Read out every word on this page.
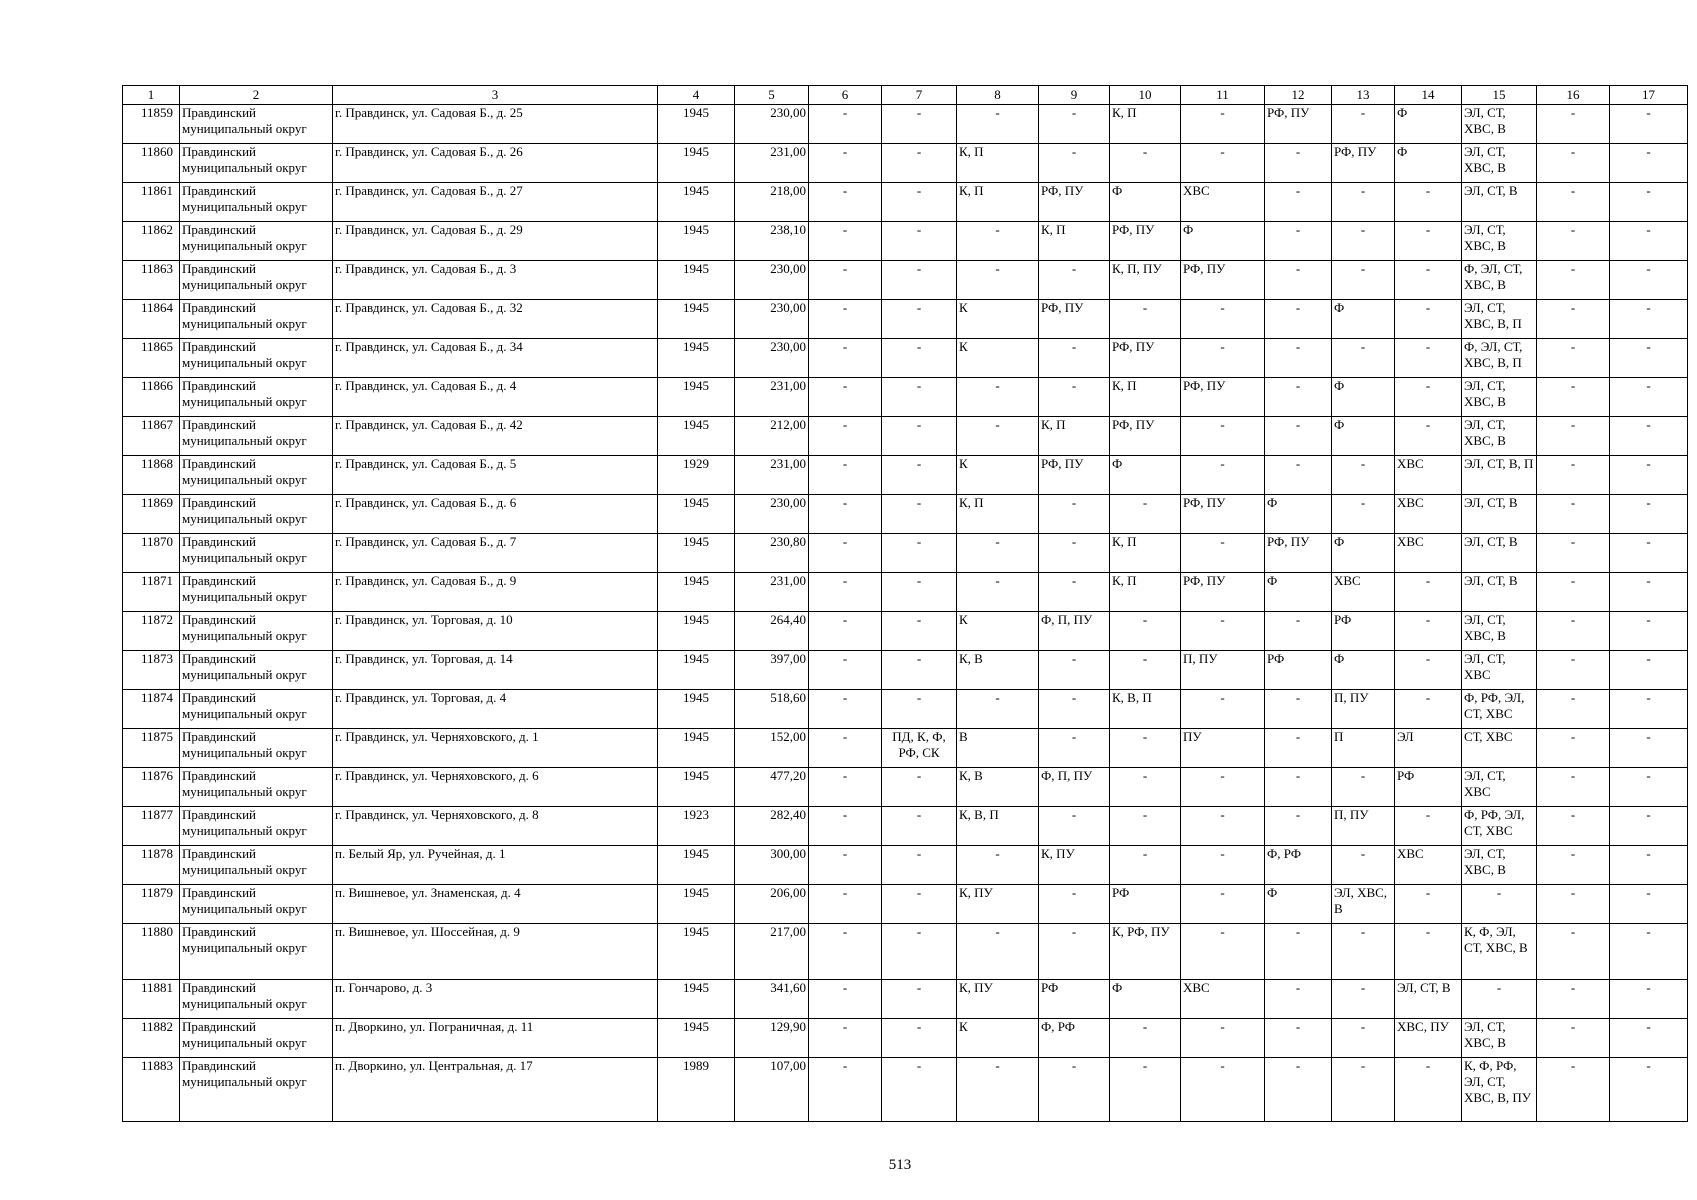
1	2	3	4	5	6	7	8	9	10	11	12	13	14	15	16	17
11859	Правдинский муниципальный округ	г. Правдинск, ул. Садовая Б., д. 25	1945	230,00	-	-	-	-	К, П	-	РФ, ПУ	-	Ф	ЭЛ, СТ, ХВС, В	-	-
11860	Правдинский муниципальный округ	г. Правдинск, ул. Садовая Б., д. 26	1945	231,00	-	-	К, П	-	-	-	-	РФ, ПУ	Ф	ЭЛ, СТ, ХВС, В	-	-
11861	Правдинский муниципальный округ	г. Правдинск, ул. Садовая Б., д. 27	1945	218,00	-	-	К, П	РФ, ПУ	Ф	ХВС	-	-	-	ЭЛ, СТ, В	-	-
11862	Правдинский муниципальный округ	г. Правдинск, ул. Садовая Б., д. 29	1945	238,10	-	-	-	К, П	РФ, ПУ	Ф	-	-	-	ЭЛ, СТ, ХВС, В	-	-
11863	Правдинский муниципальный округ	г. Правдинск, ул. Садовая Б., д. 3	1945	230,00	-	-	-	-	К, П, ПУ	РФ, ПУ	-	-	-	Ф, ЭЛ, СТ, ХВС, В	-	-
11864	Правдинский муниципальный округ	г. Правдинск, ул. Садовая Б., д. 32	1945	230,00	-	-	К	РФ, ПУ	-	-	-	Ф	-	ЭЛ, СТ, ХВС, В, П	-	-
11865	Правдинский муниципальный округ	г. Правдинск, ул. Садовая Б., д. 34	1945	230,00	-	-	К	-	РФ, ПУ	-	-	-	-	Ф, ЭЛ, СТ, ХВС, В, П	-	-
11866	Правдинский муниципальный округ	г. Правдинск, ул. Садовая Б., д. 4	1945	231,00	-	-	-	-	К, П	РФ, ПУ	-	Ф	-	ЭЛ, СТ, ХВС, В	-	-
11867	Правдинский муниципальный округ	г. Правдинск, ул. Садовая Б., д. 42	1945	212,00	-	-	-	К, П	РФ, ПУ	-	-	Ф	-	ЭЛ, СТ, ХВС, В	-	-
11868	Правдинский муниципальный округ	г. Правдинск, ул. Садовая Б., д. 5	1929	231,00	-	-	К	РФ, ПУ	Ф	-	-	-	ХВС	ЭЛ, СТ, В, П	-	-
11869	Правдинский муниципальный округ	г. Правдинск, ул. Садовая Б., д. 6	1945	230,00	-	-	К, П	-	-	РФ, ПУ	Ф	-	ХВС	ЭЛ, СТ, В	-	-
11870	Правдинский муниципальный округ	г. Правдинск, ул. Садовая Б., д. 7	1945	230,80	-	-	-	-	К, П	-	РФ, ПУ	Ф	ХВС	ЭЛ, СТ, В	-	-
11871	Правдинский муниципальный округ	г. Правдинск, ул. Садовая Б., д. 9	1945	231,00	-	-	-	-	К, П	РФ, ПУ	Ф	ХВС	-	ЭЛ, СТ, В	-	-
11872	Правдинский муниципальный округ	г. Правдинск, ул. Торговая, д. 10	1945	264,40	-	-	К	Ф, П, ПУ	-	-	-	РФ	-	ЭЛ, СТ, ХВС, В	-	-
11873	Правдинский муниципальный округ	г. Правдинск, ул. Торговая, д. 14	1945	397,00	-	-	К, В	-	-	П, ПУ	РФ	Ф	-	ЭЛ, СТ, ХВС	-	-
11874	Правдинский муниципальный округ	г. Правдинск, ул. Торговая, д. 4	1945	518,60	-	-	-	-	К, В, П	-	-	П, ПУ	-	Ф, РФ, ЭЛ, СТ, ХВС	-	-
11875	Правдинский муниципальный округ	г. Правдинск, ул. Черняховского, д. 1	1945	152,00	-	ПД, К, Ф, РФ, СК	В	-	-	ПУ	-	П	ЭЛ	СТ, ХВС	-	-
11876	Правдинский муниципальный округ	г. Правдинск, ул. Черняховского, д. 6	1945	477,20	-	-	К, В	Ф, П, ПУ	-	-	-	-	РФ	ЭЛ, СТ, ХВС	-	-
11877	Правдинский муниципальный округ	г. Правдинск, ул. Черняховского, д. 8	1923	282,40	-	-	К, В, П	-	-	-	-	П, ПУ	-	Ф, РФ, ЭЛ, СТ, ХВС	-	-
11878	Правдинский муниципальный округ	п. Белый Яр, ул. Ручейная, д. 1	1945	300,00	-	-	-	К, ПУ	-	-	Ф, РФ	-	ХВС	ЭЛ, СТ, ХВС, В	-	-
11879	Правдинский муниципальный округ	п. Вишневое, ул. Знаменская, д. 4	1945	206,00	-	-	К, ПУ	-	РФ	-	Ф	ЭЛ, ХВС, В	-	-	-	-
11880	Правдинский муниципальный округ	п. Вишневое, ул. Шоссейная, д. 9	1945	217,00	-	-	-	-	К, РФ, ПУ	-	-	-	-	К, Ф, ЭЛ, СТ, ХВС, В	-	-
11881	Правдинский муниципальный округ	п. Гончарово, д. 3	1945	341,60	-	-	К, ПУ	РФ	Ф	ХВС	-	-	ЭЛ, СТ, В	-	-	-
11882	Правдинский муниципальный округ	п. Дворкино, ул. Пограничная, д. 11	1945	129,90	-	-	К	Ф, РФ	-	-	-	-	ХВС, ПУ	ЭЛ, СТ, ХВС, В	-	-
11883	Правдинский муниципальный округ	п. Дворкино, ул. Центральная, д. 17	1989	107,00	-	-	-	-	-	-	-	-	-	К, Ф, РФ, ЭЛ, СТ, ХВС, В, ПУ	-	-
513
